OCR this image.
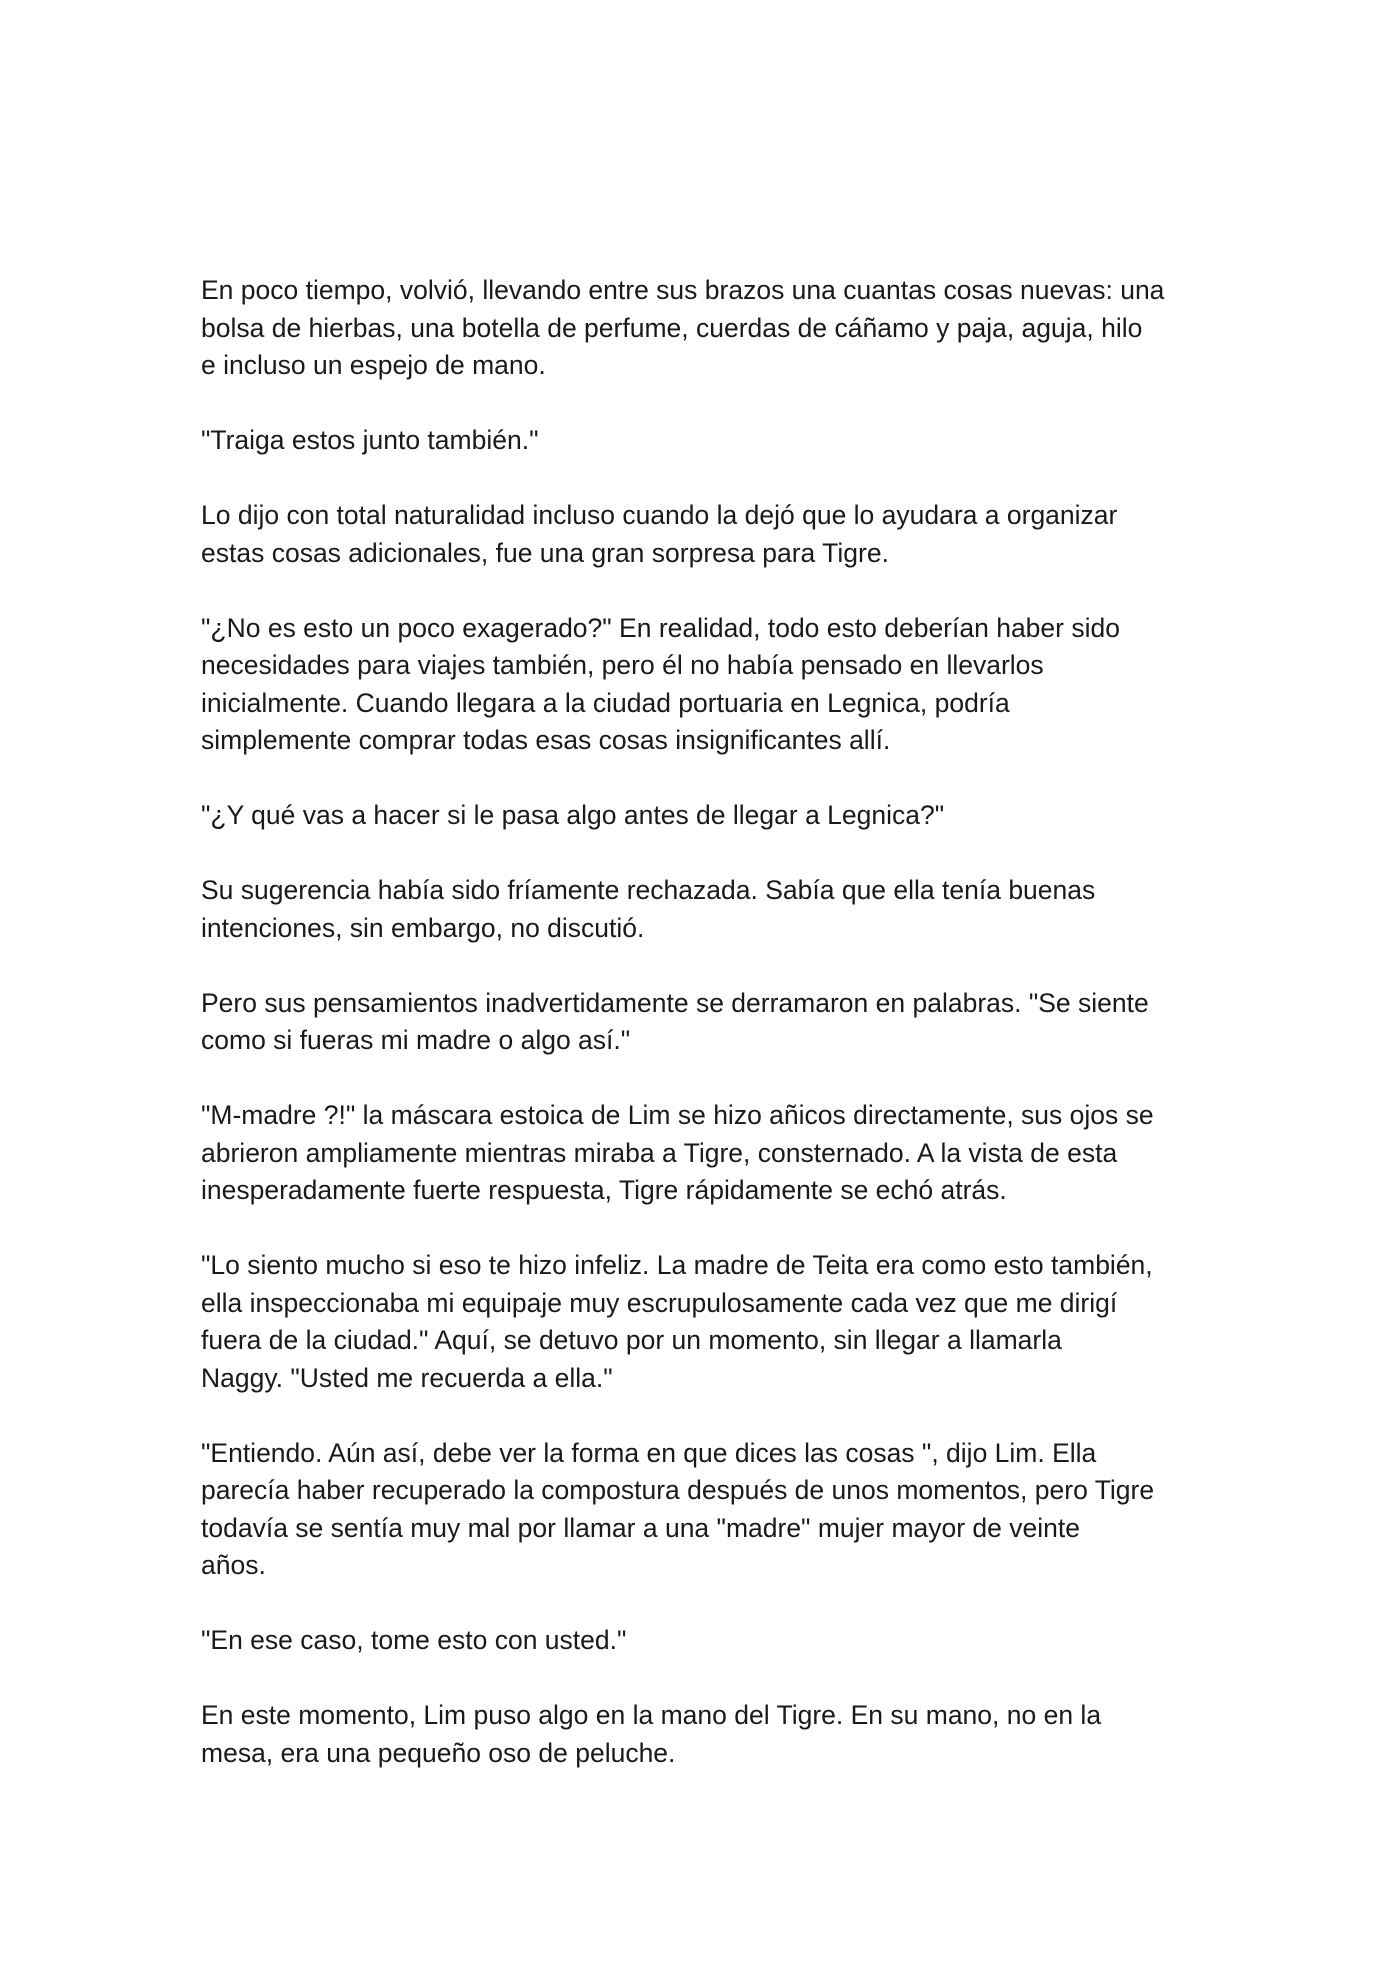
En poco tiempo, volvió, llevando entre sus brazos una cuantas cosas nuevas: una
bolsa de hierbas, una botella de perfume, cuerdas de cáñamo y paja, aguja, hilo
e incluso un espejo de mano.

"Traiga estos junto también."

Lo dijo con total naturalidad incluso cuando la dejó que lo ayudara a organizar
estas cosas adicionales, fue una gran sorpresa para Tigre.

"¿No es esto un poco exagerado?" En realidad, todo esto deberían haber sido
necesidades para viajes también, pero él no había pensado en llevarlos
inicialmente. Cuando llegara a la ciudad portuaria en Legnica, podría
simplemente comprar todas esas cosas insignificantes allí.

"¿Y qué vas a hacer si le pasa algo antes de llegar a Legnica?"

Su sugerencia había sido fríamente rechazada. Sabía que ella tenía buenas
intenciones, sin embargo, no discutió.

Pero sus pensamientos inadvertidamente se derramaron en palabras. "Se siente
como si fueras mi madre o algo así."

"M-madre ?!" la máscara estoica de Lim se hizo añicos directamente, sus ojos se
abrieron ampliamente mientras miraba a Tigre, consternado. A la vista de esta
inesperadamente fuerte respuesta, Tigre rápidamente se echó atrás.

"Lo siento mucho si eso te hizo infeliz. La madre de Teita era como esto también,
ella inspeccionaba mi equipaje muy escrupulosamente cada vez que me dirigí
fuera de la ciudad." Aquí, se detuvo por un momento, sin llegar a llamarla
Naggy. "Usted me recuerda a ella."

"Entiendo. Aún así, debe ver la forma en que dices las cosas ", dijo Lim. Ella
parecía haber recuperado la compostura después de unos momentos, pero Tigre
todavía se sentía muy mal por llamar a una "madre" mujer mayor de veinte
años.

"En ese caso, tome esto con usted."

En este momento, Lim puso algo en la mano del Tigre. En su mano, no en la
mesa, era una pequeño oso de peluche.
